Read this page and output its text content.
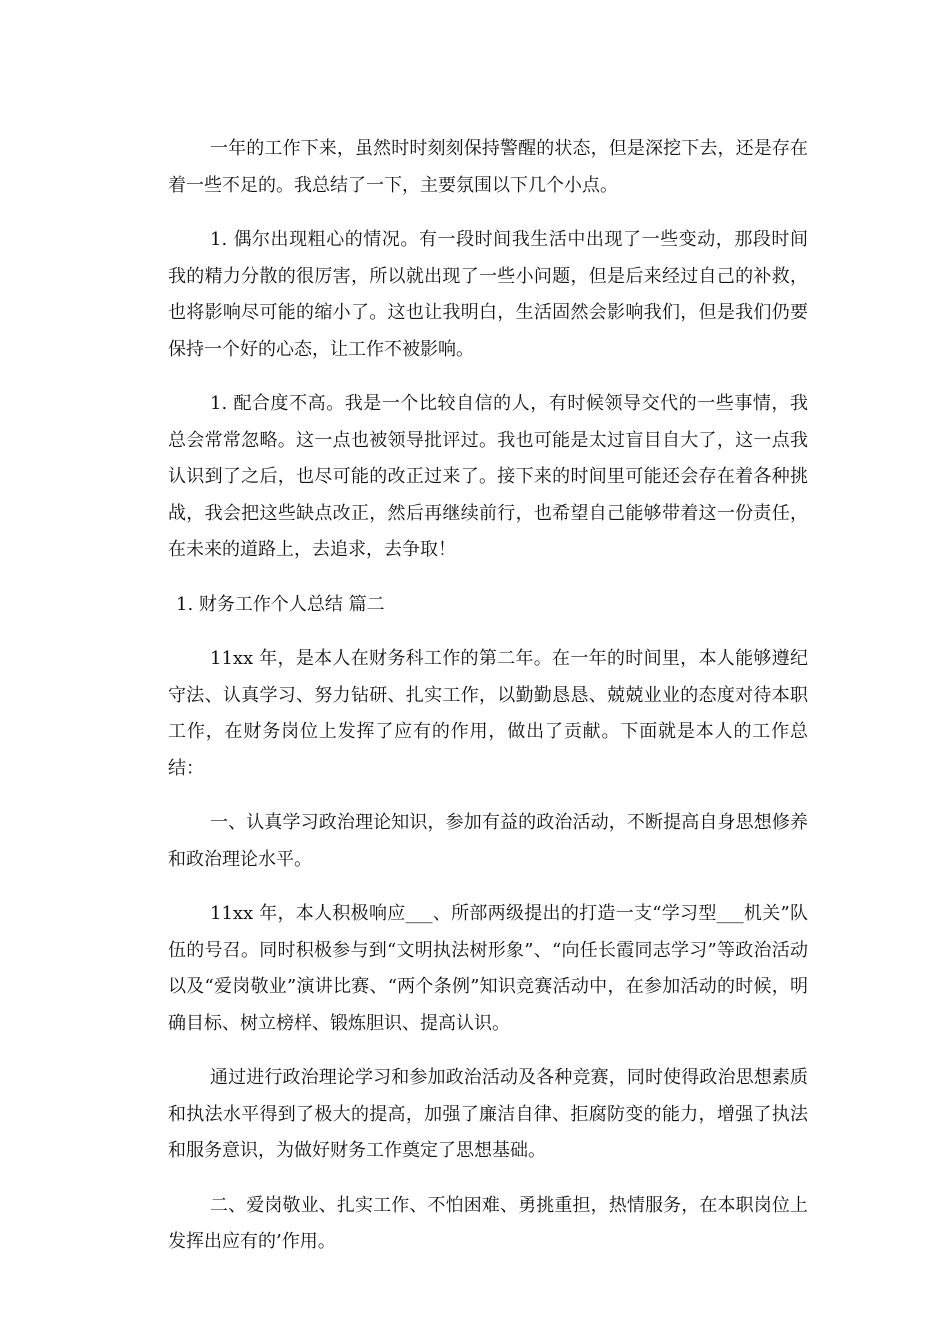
一年的工作下来，虽然时时刻刻保持警醒的状态，但是深挖下去，还是存在着一些不足的。我总结了一下，主要氛围以下几个小点。

1. 偶尔出现粗心的情况。有一段时间我生活中出现了一些变动，那段时间我的精力分散的很厉害，所以就出现了一些小问题，但是后来经过自己的补救，也将影响尽可能的缩小了。这也让我明白，生活固然会影响我们，但是我们仍要保持一个好的心态，让工作不被影响。

1. 配合度不高。我是一个比较自信的人，有时候领导交代的一些事情，我总会常常忽略。这一点也被领导批评过。我也可能是太过盲目自大了，这一点我认识到了之后，也尽可能的改正过来了。接下来的时间里可能还会存在着各种挑战，我会把这些缺点改正，然后再继续前行，也希望自己能够带着这一份责任，在未来的道路上，去追求，去争取！

1. 财务工作个人总结 篇二

11xx 年，是本人在财务科工作的第二年。在一年的时间里，本人能够遵纪守法、认真学习、努力钻研、扎实工作，以勤勤恳恳、兢兢业业的态度对待本职工作，在财务岗位上发挥了应有的作用，做出了贡献。下面就是本人的工作总结：

一、认真学习政治理论知识，参加有益的政治活动，不断提高自身思想修养和政治理论水平。

11xx 年，本人积极响应___、所部两级提出的打造一支“学习型___机关”队伍的号召。同时积极参与到“文明执法树形象”、“向任长霞同志学习”等政治活动以及“爱岗敬业”演讲比赛、“两个条例”知识竞赛活动中，在参加活动的时候，明确目标、树立榜样、锻炼胆识、提高认识。

通过进行政治理论学习和参加政治活动及各种竞赛，同时使得政治思想素质和执法水平得到了极大的提高，加强了廉洁自律、拒腐防变的能力，增强了执法和服务意识，为做好财务工作奠定了思想基础。

二、爱岗敬业、扎实工作、不怕困难、勇挑重担，热情服务，在本职岗位上发挥出应有的’作用。
